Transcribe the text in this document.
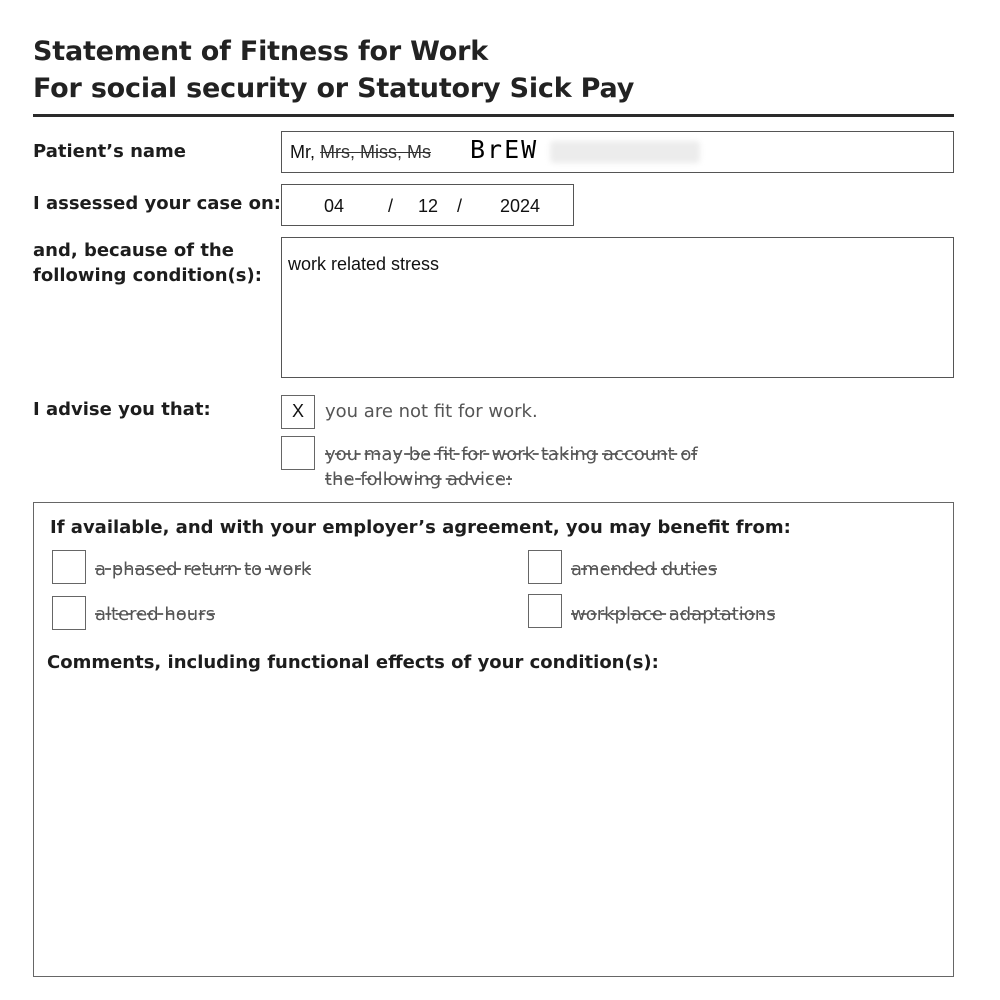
Statement of Fitness for Work
For social security or Statutory Sick Pay
Patient’s name	Mr, Mrs, Miss, Ms BrEW
I assessed your case on: 04 / 12 / 2024
and, because of the
following condition(s):
work related stress
I advise you that:	X	you are not fit for work.
you may be fit for work taking account of
the following advice:
If available, and with your employer’s agreement, you may benefit from:
a phased return to work	amended duties
altered hours	workplace adaptations
Comments, including functional effects of your condition(s):
